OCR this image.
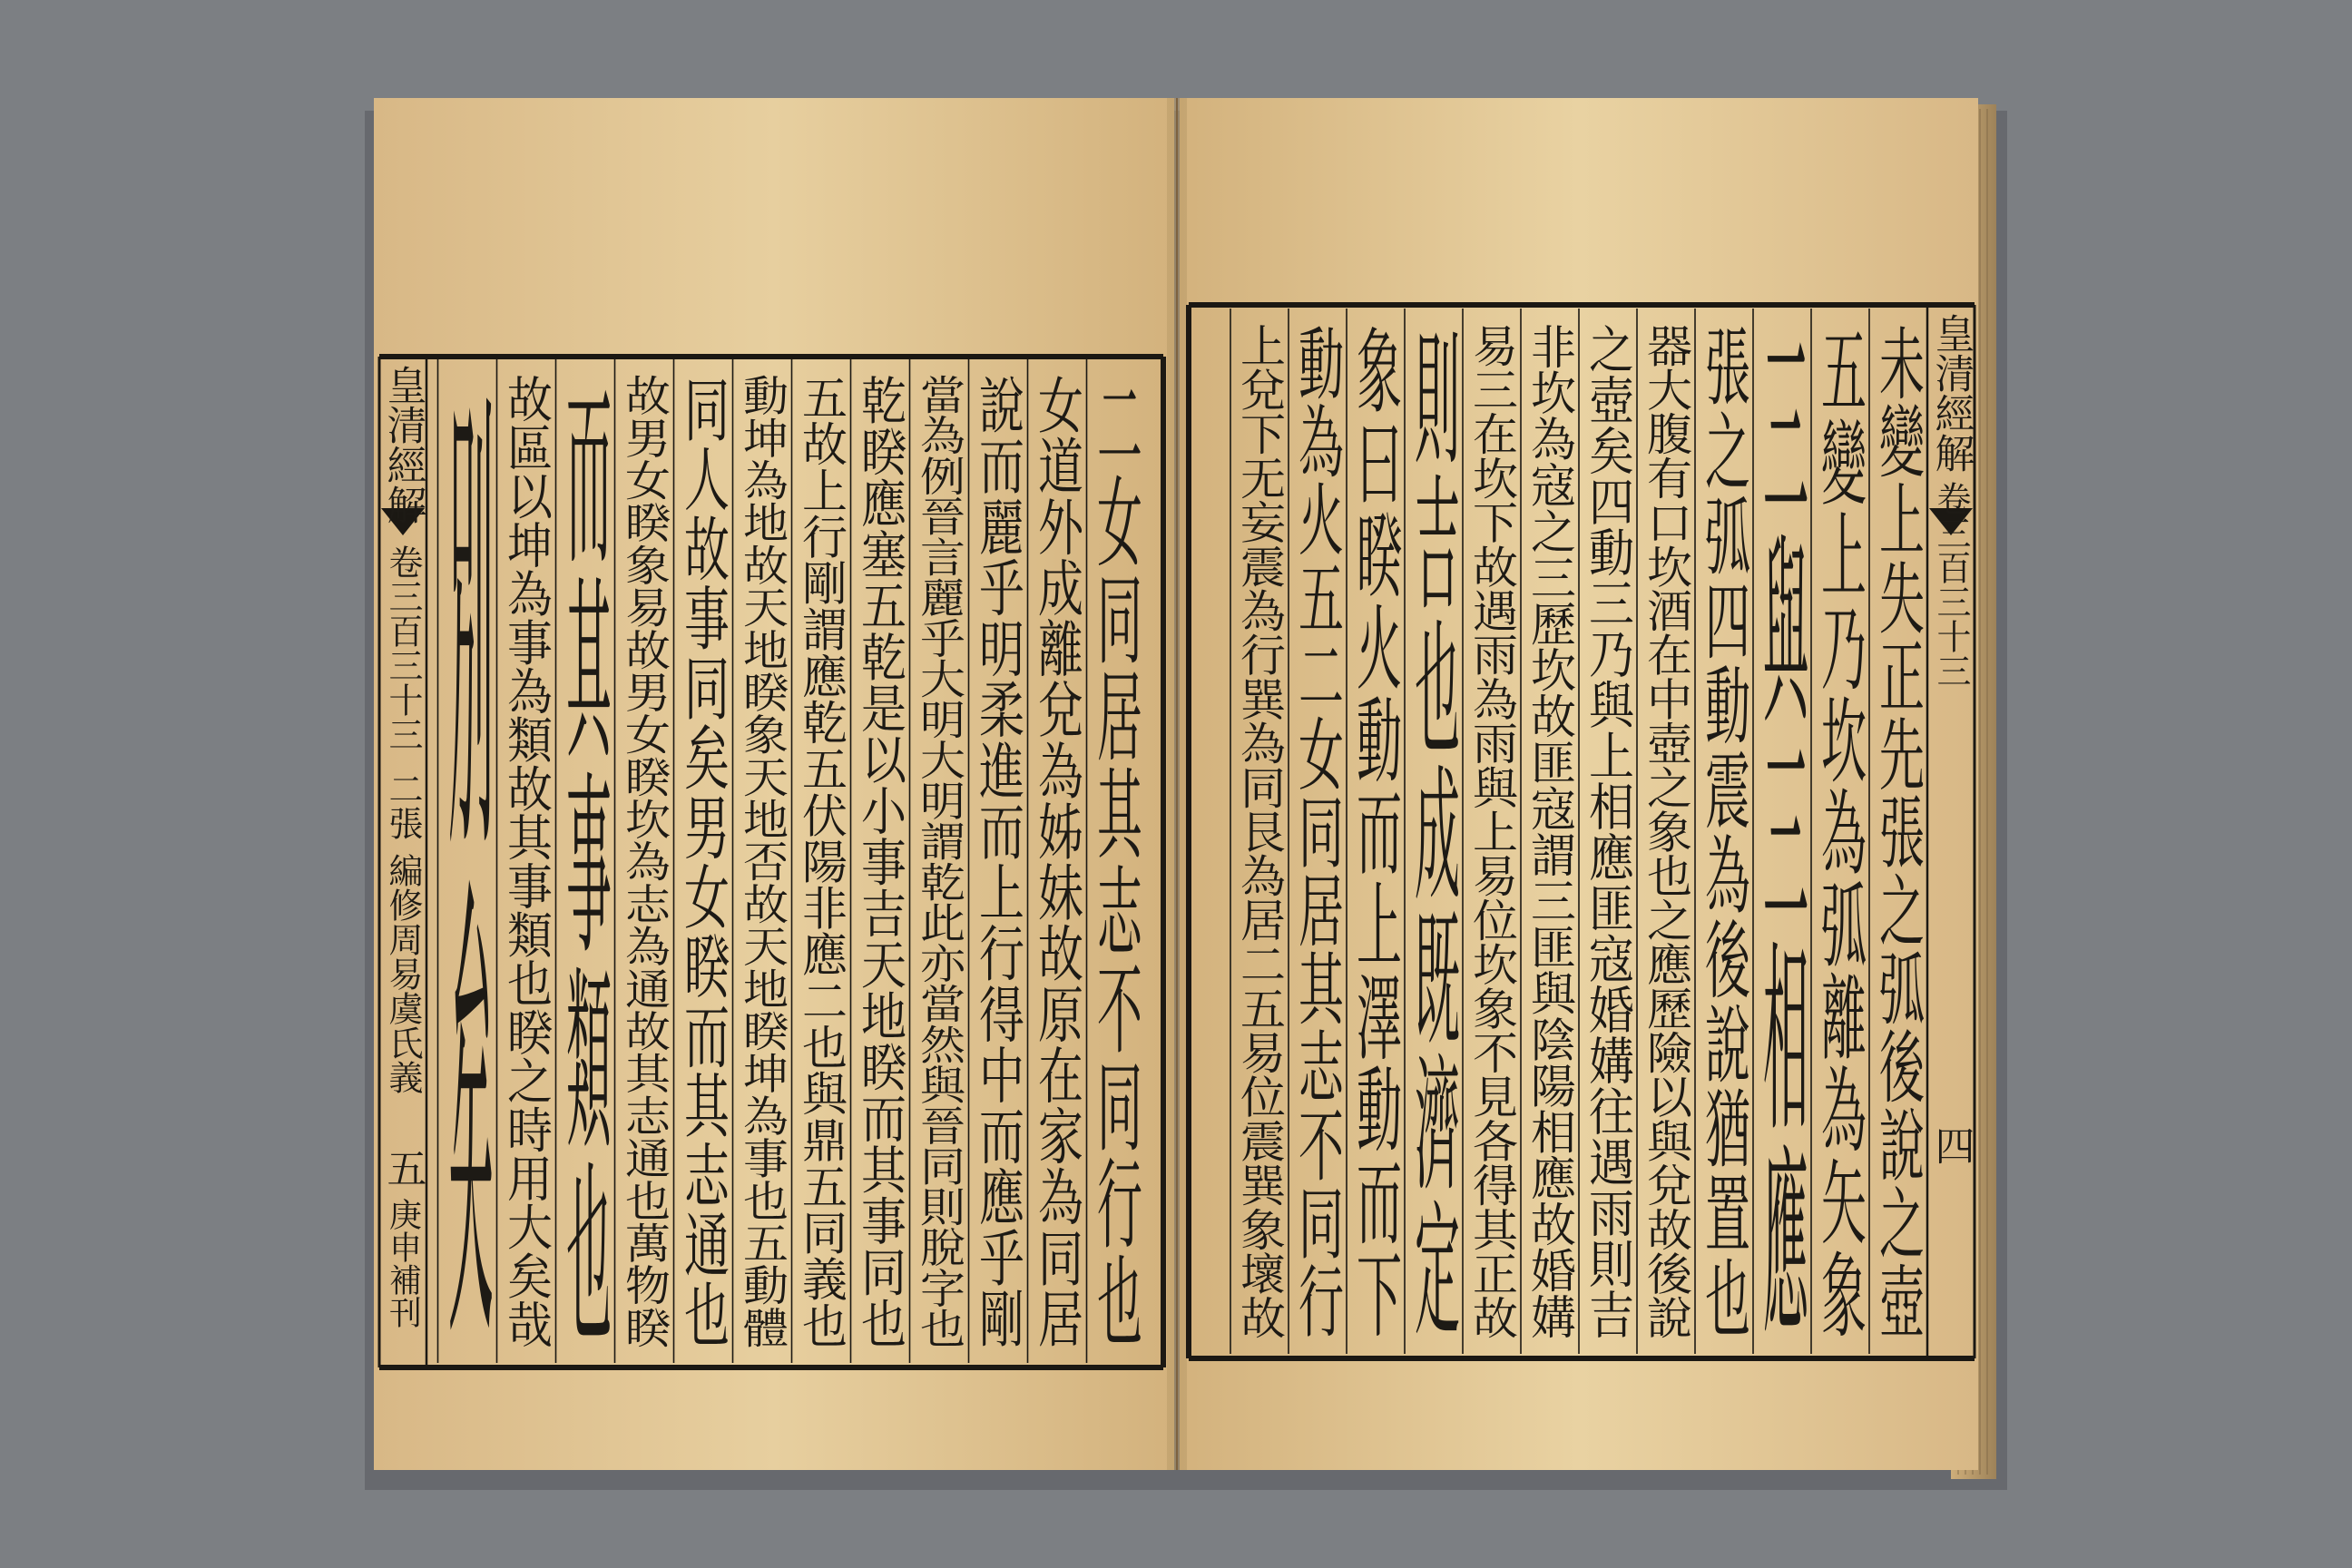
皇清經解
卷三百三十三
二張
編修周易虞氏義
五
庚申補刊
二女同居其志不同行也
女道外成離兌為姊妹故原在家為同居
說而麗乎明柔進而上行得中而應乎剛
當為例晉言麗乎大明大明謂乾此亦當然與晉同則脫字也
乾睽應塞五乾是以小事吉天地睽而其事同也
五故上行剛謂應乾五伏陽非應二也與鼎五同義也
動坤為地故天地睽象天地否故天地睽坤為事也五動體
同人故事同矣男女睽而其志通也
故男女睽象易故男女睽坎為志為通故其志通也萬物睽
而其事類也
故區以坤為事為類故其事類也睽之時用大矣哉
別矣	皇清經解
卷三百三十三
四
未變上失正先張之弧後說之壺
五變上乃坎為弧離為矢象
三與三相應
張之弧四動震為後說猶置也
器大腹有口坎酒在中壺之象也之應歷險以與兌故後說
之壺矣四動三乃與上相應匪寇婚媾往遇雨則吉
非坎為寇之三歷坎故匪寇謂三匪與陰陽相應故婚媾
易三在坎下故遇雨為雨與上易位坎象不見各得其正故
則吉也成既濟定
象曰睽火動而上澤動而下
動為火五二女同居其志不同行
上兌下无妄震為行巽為同艮為居二五易位震巽象壞故
